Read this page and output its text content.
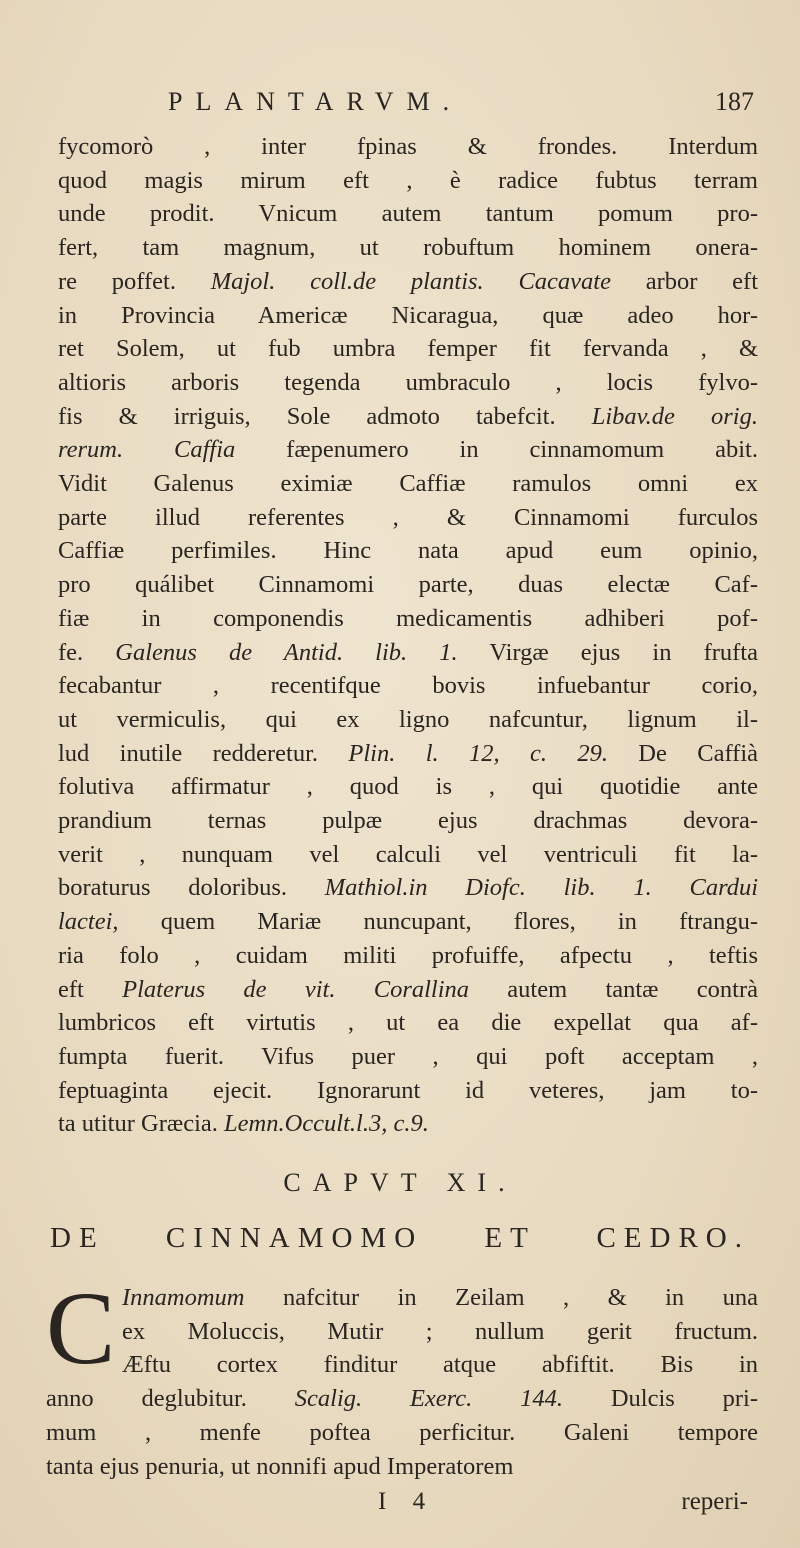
PLANTARVM.	187
fycomorò , inter fpinas & frondes. Interdum
quod magis mirum eft , è radice fubtus terram
unde prodit. Vnicum autem tantum pomum pro-
fert, tam magnum, ut robuftum hominem onera-
re poffet. Majol. coll.de plantis. Cacavate arbor eft
in Provincia Americæ Nicaragua, quæ adeo hor-
ret Solem, ut fub umbra femper fit fervanda , &
altioris arboris tegenda umbraculo , locis fylvo-
fis & irriguis, Sole admoto tabefcit. Libav.de orig.
rerum. Caffia fæpenumero in cinnamomum abit.
Vidit Galenus eximiæ Caffiæ ramulos omni ex
parte illud referentes , & Cinnamomi furculos
Caffiæ perfimiles. Hinc nata apud eum opinio,
pro quálibet Cinnamomi parte, duas electæ Caf-
fiæ in componendis medicamentis adhiberi pof-
fe. Galenus de Antid. lib. 1. Virgæ ejus in frufta
fecabantur , recentifque bovis infuebantur corio,
ut vermiculis, qui ex ligno nafcuntur, lignum il-
lud inutile redderetur. Plin. l. 12, c. 29. De Caffià
folutiva affirmatur , quod is , qui quotidie ante
prandium ternas pulpæ ejus drachmas devora-
verit , nunquam vel calculi vel ventriculi fit la-
boraturus doloribus. Mathiol.in Diofc. lib. 1. Cardui
lactei, quem Mariæ nuncupant, flores, in ftrangu-
ria folo , cuidam militi profuiffe, afpectu , teftis
eft Platerus de vit. Corallina autem tantæ contrà
lumbricos eft virtutis , ut ea die expellat qua af-
fumpta fuerit. Vifus puer , qui poft acceptam ,
feptuaginta ejecit. Ignorarunt id veteres, jam to-
ta utitur Græcia. Lemn.Occult.l.3, c.9.
CAPVT XI.
DE CINNAMOMO ET CEDRO.
C Innamomum nafcitur in Zeilam , & in una
ex Moluccis, Mutir ; nullum gerit fructum.
Æftu cortex finditur atque abfiftit. Bis in
anno deglubitur. Scalig. Exerc. 144. Dulcis pri-
mum , menfe poftea perficitur. Galeni tempore
tanta ejus penuria, ut nonnifi apud Imperatorem
I 4	reperi-
